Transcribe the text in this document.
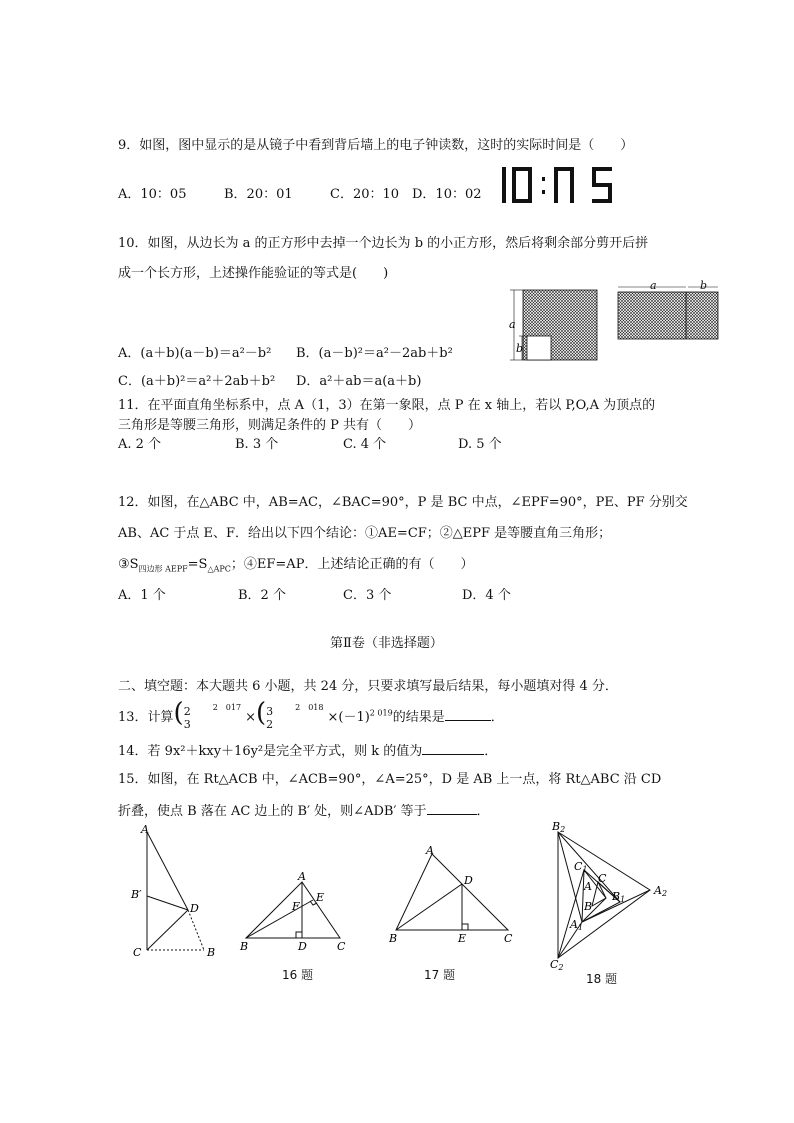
9．如图，图中显示的是从镜子中看到背后墙上的电子钟读数，这时的实际时间是（　　）
A．10：05	B．20：01	C．20：10 D．10：02
10．如图，从边长为 a 的正方形中去掉一个边长为 b 的小正方形，然后将剩余部分剪开后拼
成一个长方形，上述操作能验证的等式是(　　)
a
b
a	b
A．(a＋b)(a－b)＝a²－b² B．(a－b)²＝a²－2ab＋b²
C．(a＋b)²＝a²＋2ab＋b² D．a²＋ab＝a(a＋b)
11．在平面直角坐标系中，点 A（1，3）在第一象限，点 P 在 x 轴上，若以 P,O,A 为顶点的
三角形是等腰三角形，则满足条件的 P 共有（　　）
A. 2 个	B. 3 个	C. 4 个	D. 5 个
12．如图，在△ABC 中，AB=AC，∠BAC=90°，P 是 BC 中点，∠EPF=90°，PE、PF 分别交
AB、AC 于点 E、F．给出以下四个结论：①AE=CF；②△EPF 是等腰直角三角形；
$③S_{四边形 AEPF}=S_{\triangle APC}$；④EF=AP．上述结论正确的有（　　）
A．1 个	B．2 个	C．3 个	D．4 个
第Ⅱ卷（非选择题）
二、填空题：本大题共 6 小题，共 24 分，只要求填写最后结果，每小题填对得 4 分．
13．计算(2
$3^{2 017}\times(3$
$2^{2 018}\times(-1)^{2 019}$的结果是	．
14．若 9x²＋kxy＋16y²是完全平方式，则 k 的值为	．
15．如图，在 Rt△ACB 中，∠ACB=90°，∠A=25°，D 是 AB 上一点，将 Rt△ABC 沿 CD
折叠，使点 B 落在 AC 边上的 B′ 处，则∠ADB′ 等于	．
A
B′
D
C	B
A
E
F
B	D	C
16 题
A
D
B	E	C
17 题
B2
C1
A
C
B1
A2
B
A1
C2
18 题
